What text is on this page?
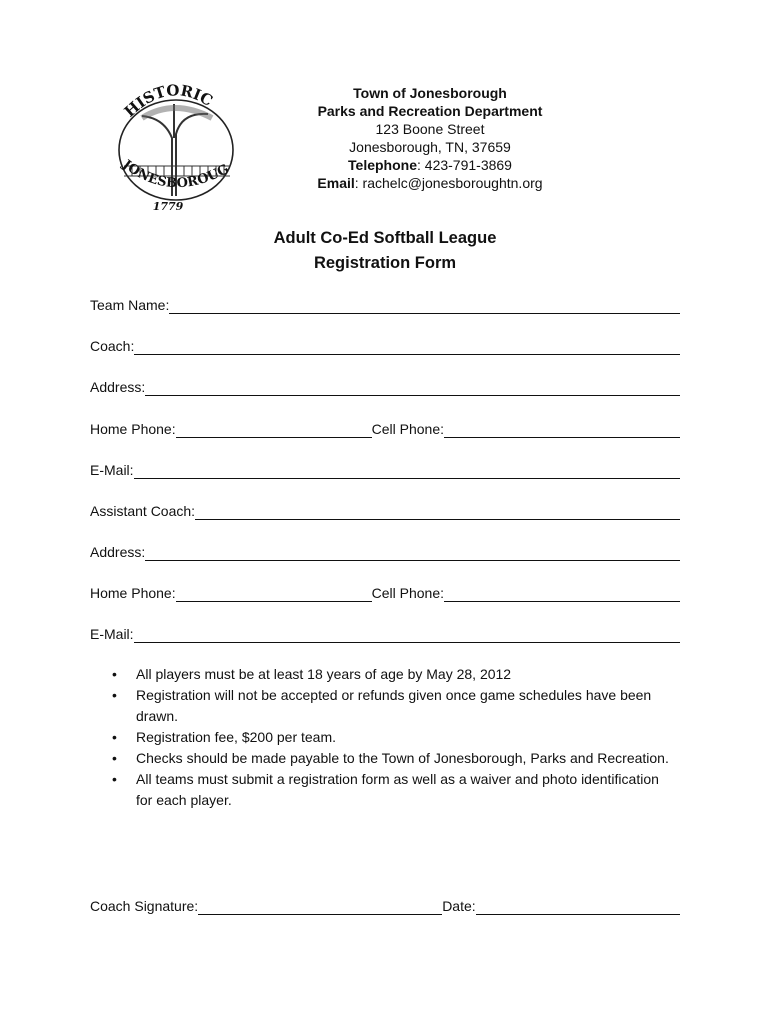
HISTORIC
JONESBOROUG
1779
Town of Jonesborough
Parks and Recreation Department
123 Boone Street
Jonesborough, TN, 37659
Telephone: 423-791-3869
Email: rachelc@jonesboroughtn.org
Adult Co-Ed Softball League
Registration Form
Team Name:
Coach:
Address:
Home Phone:	Cell Phone:
E-Mail:
Assistant Coach:
Address:
Home Phone:	Cell Phone:
E-Mail:
• All players must be at least 18 years of age by May 28, 2012
• Registration will not be accepted or refunds given once game schedules have been drawn.
• Registration fee, $200 per team.
• Checks should be made payable to the Town of Jonesborough, Parks and Recreation.
• All teams must submit a registration form as well as a waiver and photo identification for each player.
Coach Signature:	Date:
